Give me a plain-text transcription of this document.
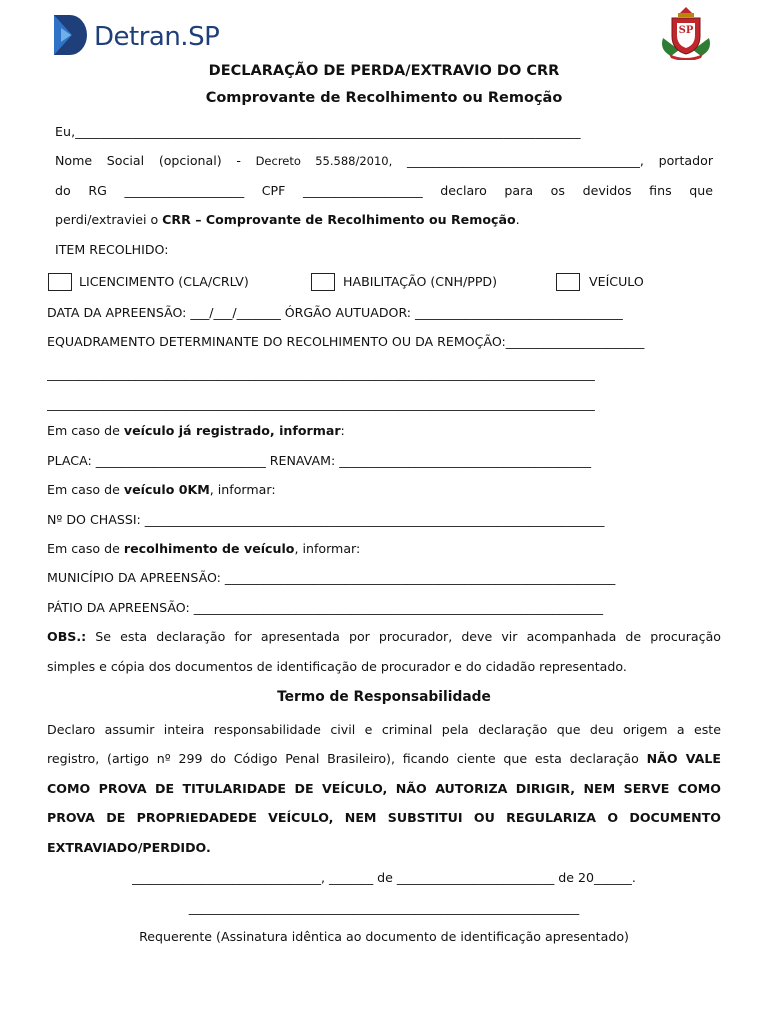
Detran.SP	SP
DECLARAÇÃO DE PERDA/EXTRAVIO DO CRR
Comprovante de Recolhimento ou Remoção
Eu,_______________________________________________________________________________
Nome Social (opcional) - Decreto 55.588/2010, _____________________________________, portador
do RG ___________________ CPF ___________________ declaro para os devidos fins que
perdi/extraviei o CRR – Comprovante de Recolhimento ou Remoção.
ITEM RECOLHIDO:
LICENCIMENTO (CLA/CRLV)	HABILITAÇÃO (CNH/PPD)	VEÍCULO
DATA DA APREENSÃO: ___/___/_______ ÓRGÃO AUTUADOR: _________________________________
EQUADRAMENTO DETERMINANTE DO RECOLHIMENTO OU DA REMOÇÃO:______________________
_______________________________________________________________________________________
_______________________________________________________________________________________
Em caso de veículo já registrado, informar:
PLACA: ___________________________ RENAVAM: ________________________________________
Em caso de veículo 0KM, informar:
Nº DO CHASSI: _________________________________________________________________________
Em caso de recolhimento de veículo, informar:
MUNICÍPIO DA APREENSÃO: ______________________________________________________________
PÁTIO DA APREENSÃO: _________________________________________________________________
OBS.: Se esta declaração for apresentada por procurador, deve vir acompanhada de procuração
simples e cópia dos documentos de identificação de procurador e do cidadão representado.
Termo de Responsabilidade
Declaro assumir inteira responsabilidade civil e criminal pela declaração que deu origem a este
registro, (artigo nº 299 do Código Penal Brasileiro), ficando ciente que esta declaração NÃO VALE
COMO PROVA DE TITULARIDADE DE VEÍCULO, NÃO AUTORIZA DIRIGIR, NEM SERVE COMO
PROVA DE PROPRIEDADEDE VEÍCULO, NEM SUBSTITUI OU REGULARIZA O DOCUMENTO
EXTRAVIADO/PERDIDO.
______________________________, _______ de _________________________ de 20______.
______________________________________________________________
Requerente (Assinatura idêntica ao documento de identificação apresentado)
